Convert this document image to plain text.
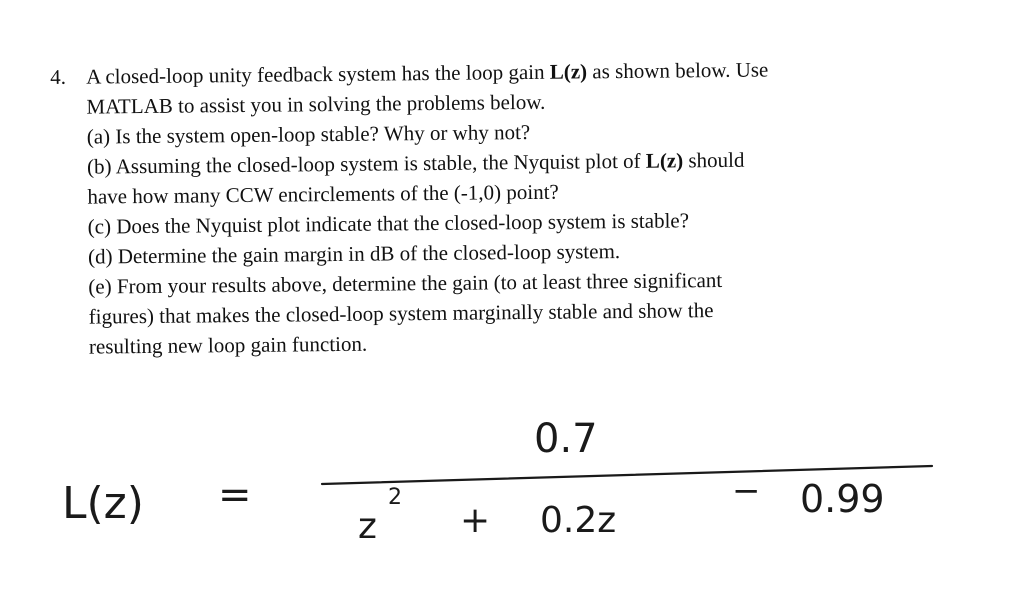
4. A closed-loop unity feedback system has the loop gain L(z) as shown below. Use
MATLAB to assist you in solving the problems below.
(a) Is the system open-loop stable? Why or why not?
(b) Assuming the closed-loop system is stable, the Nyquist plot of L(z) should
have how many CCW encirclements of the (-1,0) point?
(c) Does the Nyquist plot indicate that the closed-loop system is stable?
(d) Determine the gain margin in dB of the closed-loop system.
(e) From your results above, determine the gain (to at least three significant
figures) that makes the closed-loop system marginally stable and show the
resulting new loop gain function.
L(z) =
0.7
z
2
+ 0.2z
− 0.99
